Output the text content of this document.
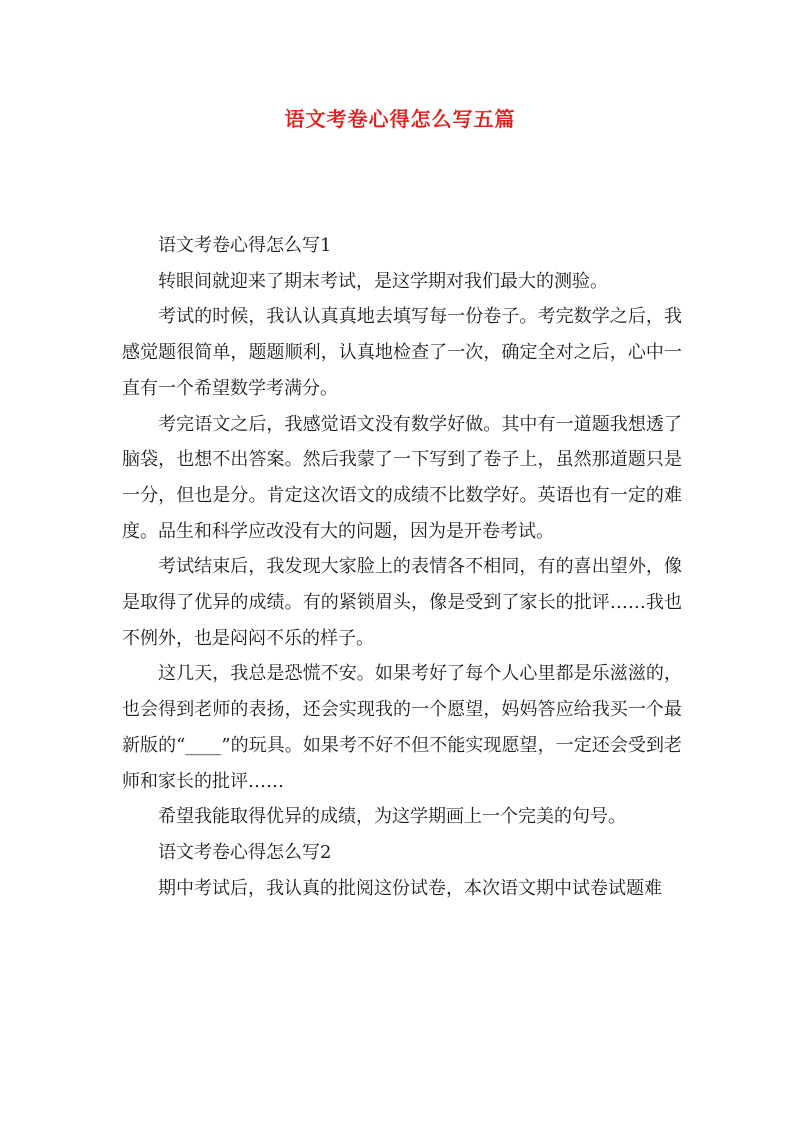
语文考卷心得怎么写五篇

语文考卷心得怎么写1

转眼间就迎来了期末考试，是这学期对我们最大的测验。

考试的时候，我认认真真地去填写每一份卷子。考完数学之后，我感觉题很简单，题题顺利，认真地检查了一次，确定全对之后，心中一直有一个希望数学考满分。

考完语文之后，我感觉语文没有数学好做。其中有一道题我想透了脑袋，也想不出答案。然后我蒙了一下写到了卷子上，虽然那道题只是一分，但也是分。肯定这次语文的成绩不比数学好。英语也有一定的难度。品生和科学应改没有大的问题，因为是开卷考试。

考试结束后，我发现大家脸上的表情各不相同，有的喜出望外，像是取得了优异的成绩。有的紧锁眉头，像是受到了家长的批评……我也不例外，也是闷闷不乐的样子。

这几天，我总是恐慌不安。如果考好了每个人心里都是乐滋滋的，也会得到老师的表扬，还会实现我的一个愿望，妈妈答应给我买一个最新版的“____”的玩具。如果考不好不但不能实现愿望，一定还会受到老师和家长的批评……

希望我能取得优异的成绩，为这学期画上一个完美的句号。

语文考卷心得怎么写2

期中考试后，我认真的批阅这份试卷，本次语文期中试卷试题难
